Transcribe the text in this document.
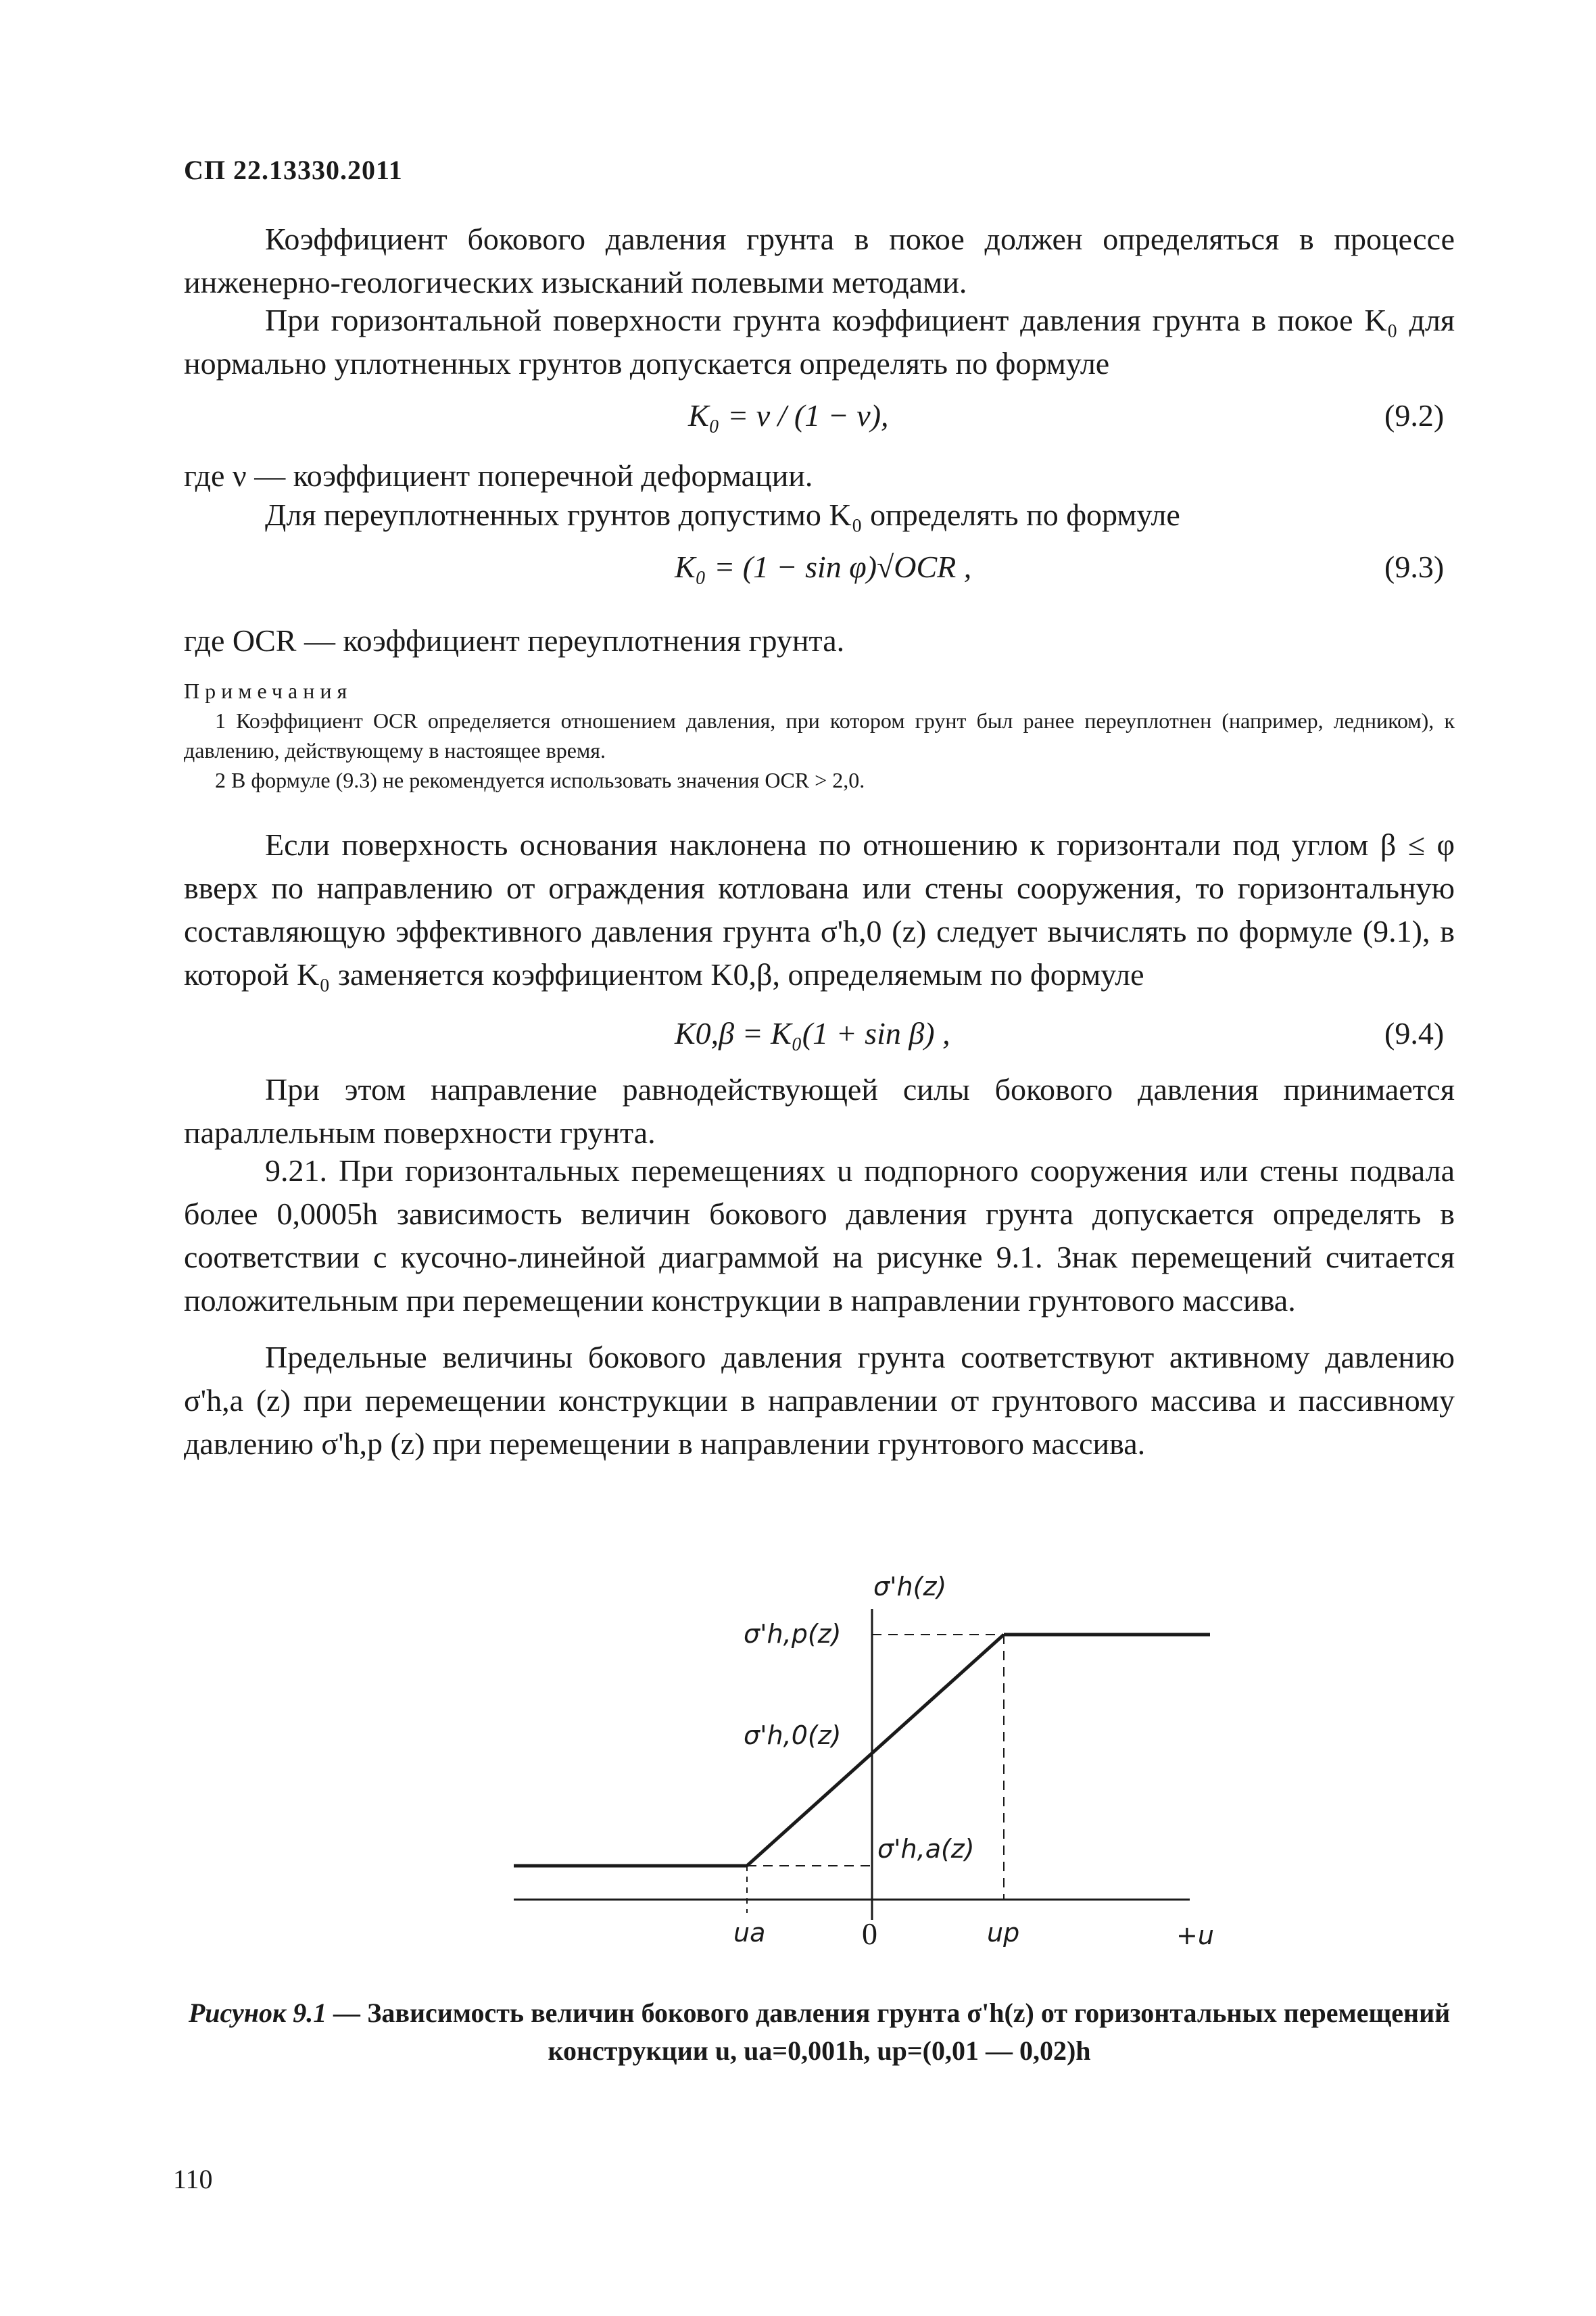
СП 22.13330.2011
Коэффициент бокового давления грунта в покое должен определяться в процессе инженерно-геологических изысканий полевыми методами.
При горизонтальной поверхности грунта коэффициент давления грунта в покое K₀ для нормально уплотненных грунтов допускается определять по формуле
K₀ = ν / (1 − ν),	(9.2)
где ν — коэффициент поперечной деформации.
Для переуплотненных грунтов допустимо K₀ определять по формуле
K₀ = (1 − sin φ)√OCR ,	(9.3)
где OCR — коэффициент переуплотнения грунта.
Примечания
1 Коэффициент OCR определяется отношением давления, при котором грунт был ранее переуплотнен (например, ледником), к давлению, действующему в настоящее время.
2 В формуле (9.3) не рекомендуется использовать значения OCR > 2,0.
Если поверхность основания наклонена по отношению к горизонтали под углом β ≤ φ вверх по направлению от ограждения котлована или стены сооружения, то горизонтальную составляющую эффективного давления грунта σ'h,0 (z) следует вычислять по формуле (9.1), в которой K₀ заменяется коэффициентом K0,β, определяемым по формуле
K0,β = K₀(1 + sin β) ,	(9.4)
При этом направление равнодействующей силы бокового давления принимается параллельным поверхности грунта.
9.21. При горизонтальных перемещениях u подпорного сооружения или стены подвала более 0,0005h зависимость величин бокового давления грунта допускается определять в соответствии с кусочно-линейной диаграммой на рисунке 9.1. Знак перемещений считается положительным при перемещении конструкции в направлении грунтового массива.
Предельные величины бокового давления грунта соответствуют активному давлению σ'h,a (z) при перемещении конструкции в направлении от грунтового массива и пассивному давлению σ'h,p (z) при перемещении в направлении грунтового массива.
σ'h(z)
σ'h,p(z)
σ'h,0(z)
σ'h,a(z)
ua	0	up	+u
Рисунок 9.1 — Зависимость величин бокового давления грунта σ'h(z) от горизонтальных перемещений
конструкции u, ua=0,001h, up=(0,01 — 0,02)h
110
